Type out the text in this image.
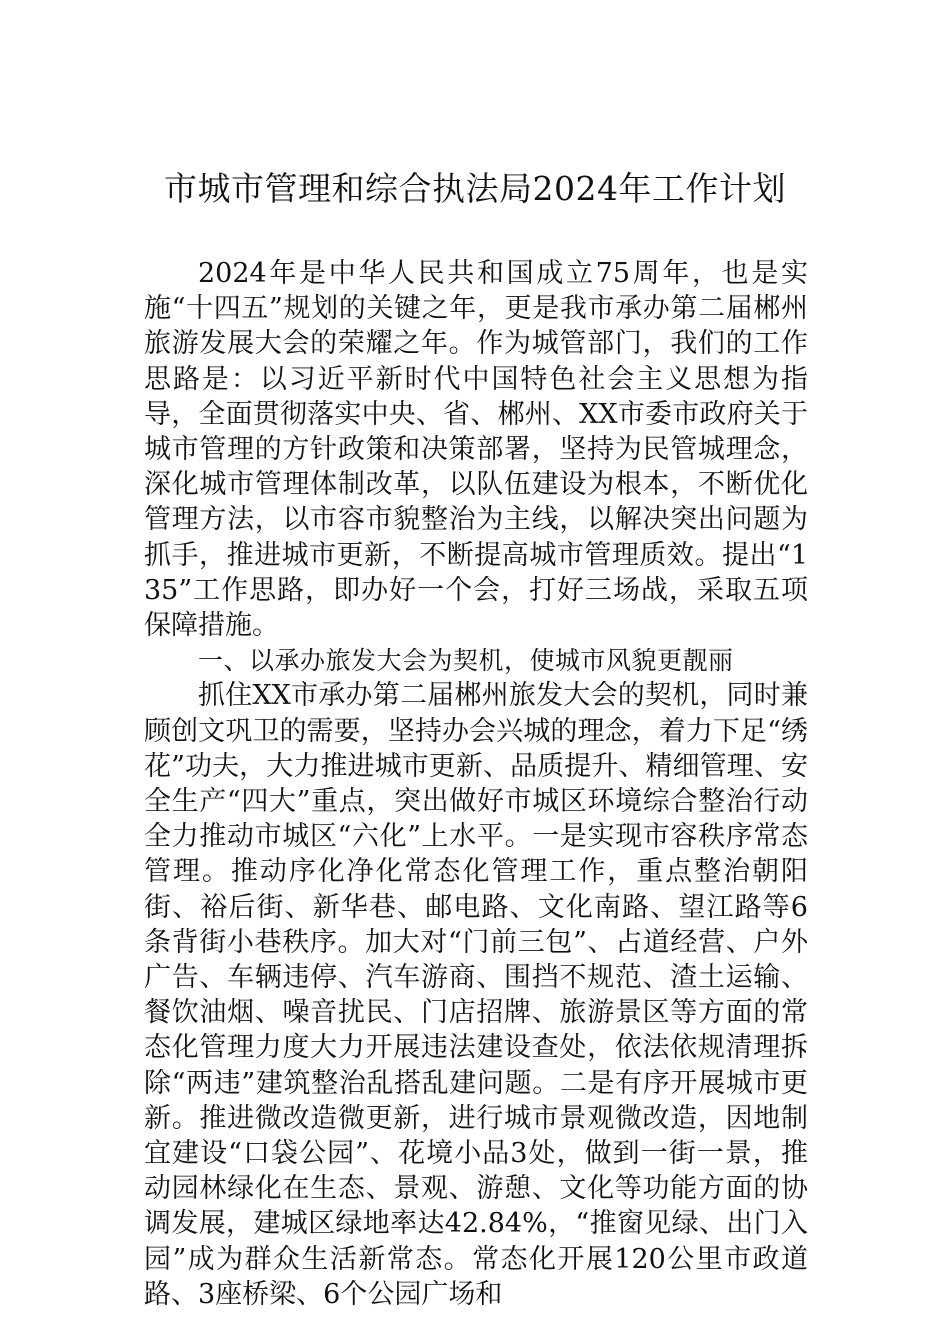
市城市管理和综合执法局2024年工作计划

2024年是中华人民共和国成立75周年，也是实施“十四五”规划的关键之年，更是我市承办第二届郴州旅游发展大会的荣耀之年。作为城管部门，我们的工作思路是：以习近平新时代中国特色社会主义思想为指导，全面贯彻落实中央、省、郴州、XX市委市政府关于城市管理的方针政策和决策部署，坚持为民管城理念，深化城市管理体制改革，以队伍建设为根本，不断优化管理方法，以市容市貌整治为主线，以解决突出问题为抓手，推进城市更新，不断提高城市管理质效。提出“135”工作思路，即办好一个会，打好三场战，采取五项保障措施。

一、以承办旅发大会为契机，使城市风貌更靓丽

抓住XX市承办第二届郴州旅发大会的契机，同时兼顾创文巩卫的需要，坚持办会兴城的理念，着力下足“绣花”功夫，大力推进城市更新、品质提升、精细管理、安全生产“四大”重点，突出做好市城区环境综合整治行动全力推动市城区“六化”上水平。一是实现市容秩序常态管理。推动序化净化常态化管理工作，重点整治朝阳街、裕后街、新华巷、邮电路、文化南路、望江路等6条背街小巷秩序。加大对“门前三包”、占道经营、户外广告、车辆违停、汽车游商、围挡不规范、渣土运输、餐饮油烟、噪音扰民、门店招牌、旅游景区等方面的常态化管理力度大力开展违法建设查处，依法依规清理拆除“两违”建筑整治乱搭乱建问题。二是有序开展城市更新。推进微改造微更新，进行城市景观微改造，因地制宜建设“口袋公园”、花境小品3处，做到一街一景，推动园林绿化在生态、景观、游憩、文化等功能方面的协调发展，建城区绿地率达42.84%，“推窗见绿、出门入园”成为群众生活新常态。常态化开展120公里市政道路、3座桥梁、6个公园广场和
